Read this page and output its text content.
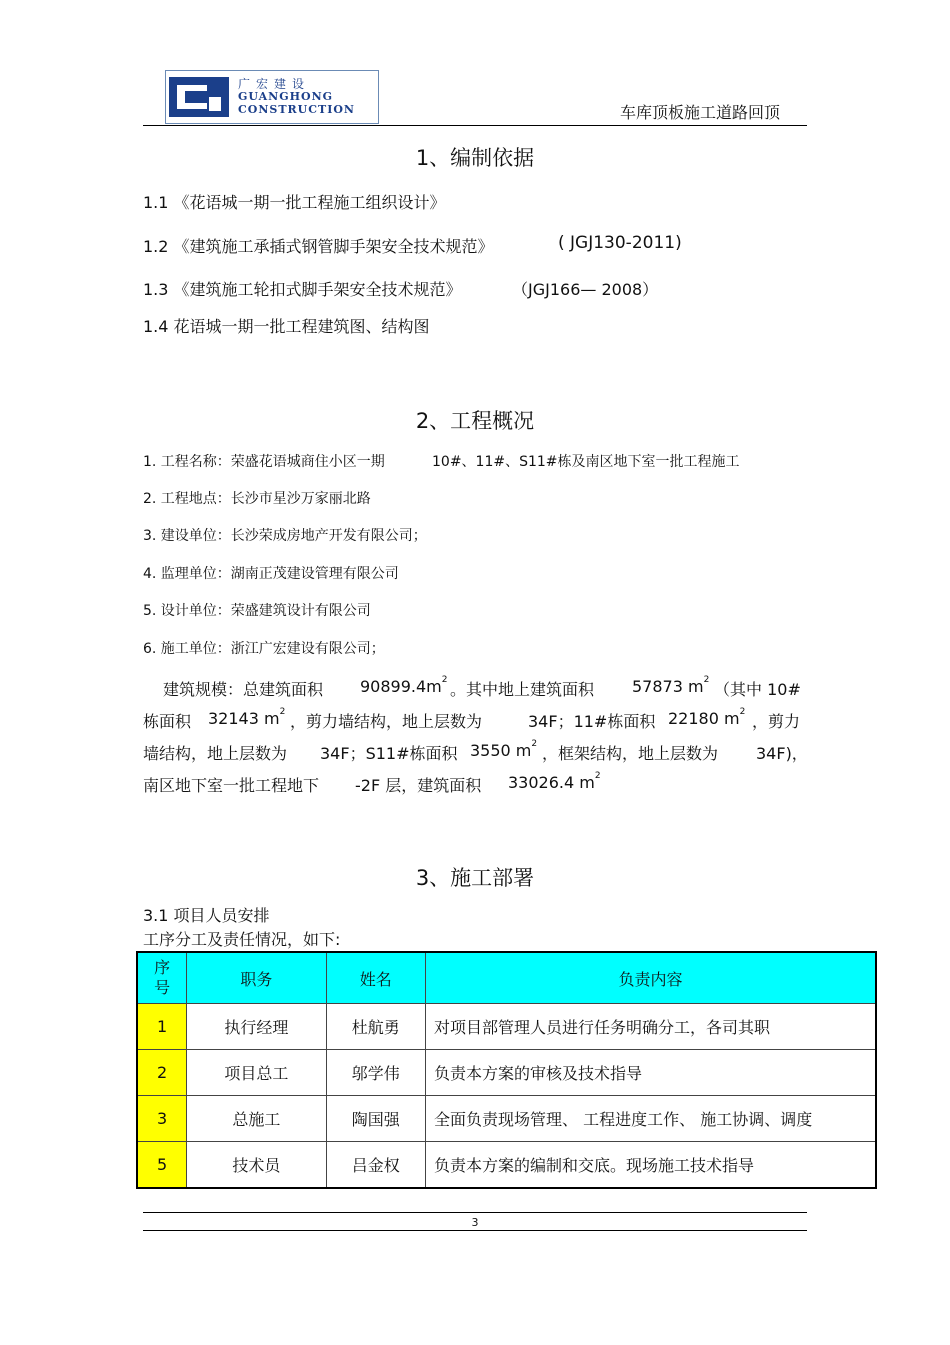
广宏建设
GUANGHONG
CONSTRUCTION	车库顶板施工道路回顶
1、编制依据
1.1 《花语城一期一批工程施工组织设计》
1.2 《建筑施工承插式钢管脚手架安全技术规范》	( JGJ130-2011)
1.3 《建筑施工轮扣式脚手架安全技术规范》	（JGJ166— 2008）
1.4 花语城一期一批工程建筑图、结构图
2、工程概况
1. 工程名称：荣盛花语城商住小区一期	10#、11#、S11#栋及南区地下室一批工程施工
2. 工程地点：长沙市星沙万家丽北路
3. 建设单位：长沙荣成房地产开发有限公司；
4. 监理单位：湖南正茂建设管理有限公司
5. 设计单位：荣盛建筑设计有限公司
6. 施工单位：浙江广宏建设有限公司；
建筑规模：总建筑面积 $90899.4m^2$
。其中地上建筑面积 57873 $m^2$
（其中 10#
栋面积 32143 $m^2$
，剪力墙结构，地上层数为	34F；11#栋面积 22180 $m^2$
，剪力
墙结构，地上层数为 34F；S11#栋面积 3550 $m^2$
，框架结构，地上层数为 34F)，
南区地下室一批工程地下 -2F 层，建筑面积 33026.4 $m^2$
3、施工部署
3.1 项目人员安排
工序分工及责任情况，如下:
序
号	职务	姓名	负责内容
1	执行经理	杜航勇	对项目部管理人员进行任务明确分工，各司其职
2	项目总工	邬学伟	负责本方案的审核及技术指导
3	总施工	陶国强	全面负责现场管理、 工程进度工作、 施工协调、调度
5	技术员	吕金权	负责本方案的编制和交底。现场施工技术指导
3
